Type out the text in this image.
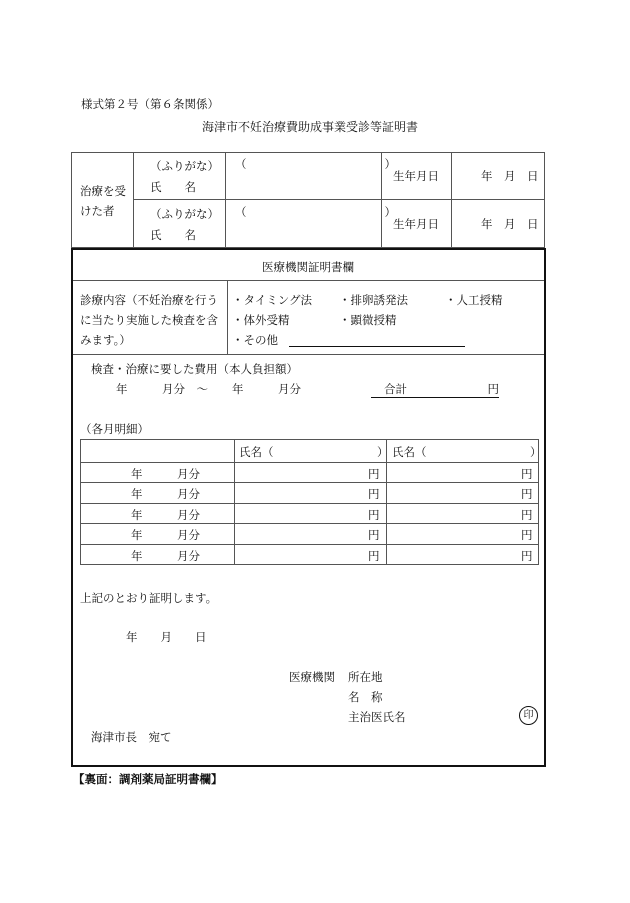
様式第２号（第６条関係）
海津市不妊治療費助成事業受診等証明書
治療を受
けた者
（ふりがな）
氏　　名
（　　　　　　　　　　　　）
生年月日	年　月　日
（ふりがな）
氏　　名
（　　　　　　　　　　　　）
生年月日	年　月　日
医療機関証明書欄
診療内容（不妊治療を行う
に当たり実施した検査を含
みます。）
・タイミング法 ・排卵誘発法	・人工授精
・体外受精	・顕微授精
・その他
検査・治療に要した費用（本人負担額）
年　　　月分　～ 年　　　月分	合計	円
（各月明細）
氏名（　　　　　　　　　） 氏名（　　　　　　　　　）
年　　　月分	円	円
年　　　月分	円	円
年　　　月分	円	円
年　　　月分	円	円
年　　　月分	円	円
上記のとおり証明します。
年　　月　　日
医療機関 所在地
名　称
主治医氏名	印
海津市長　宛て
【裏面：調剤薬局証明書欄】
